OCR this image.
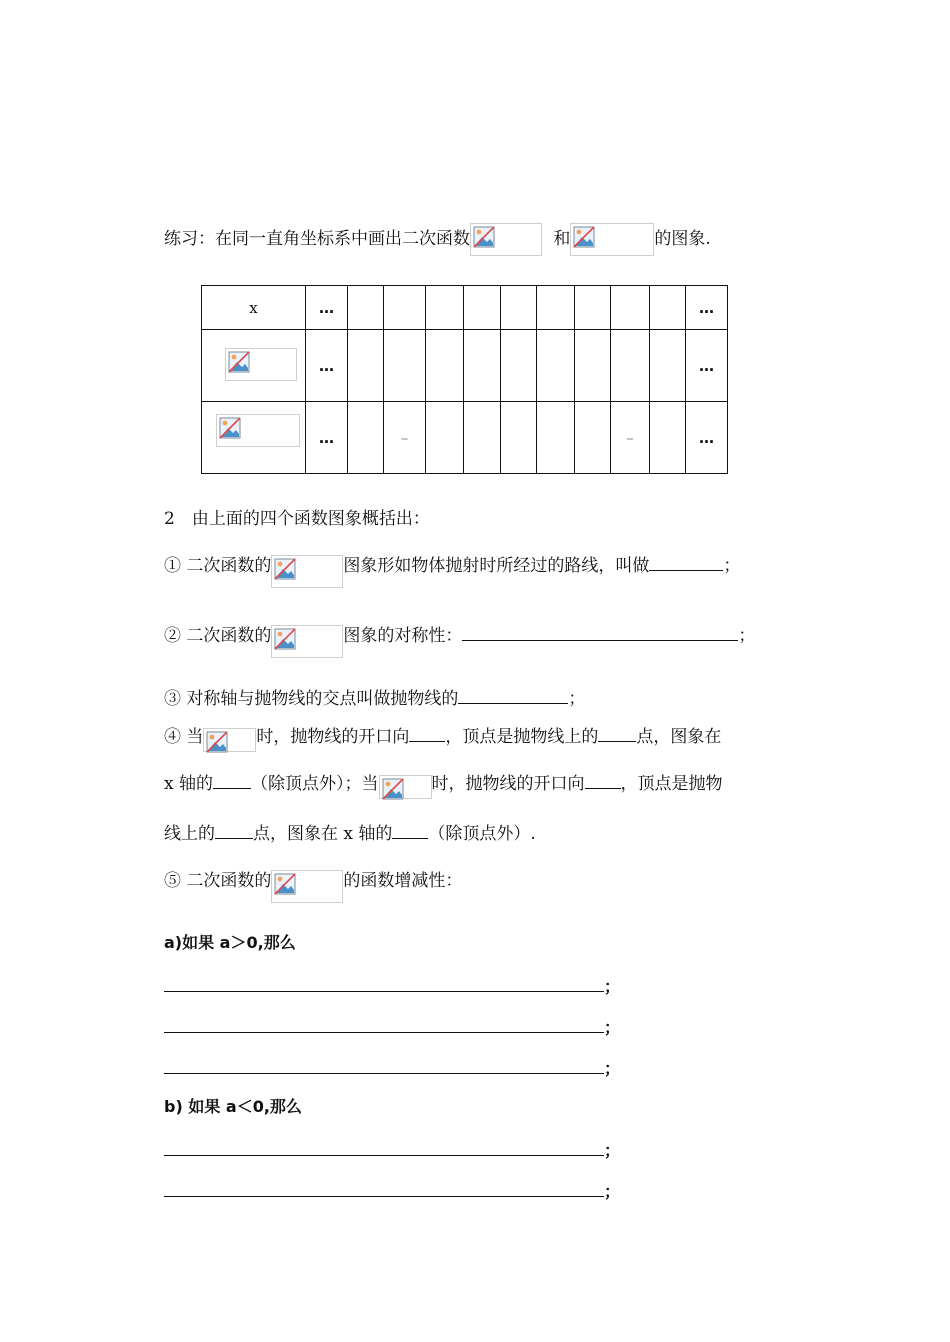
练习：在同一直角坐标系中画出二次函数	和	的图象.
x	…										…

	…										…

	…		–						–		…
2　由上面的四个函数图象概括出：
① 二次函数的	图象形如物体抛射时所经过的路线，叫做	；
② 二次函数的	图象的对称性：	；
③ 对称轴与抛物线的交点叫做抛物线的	；
④ 当	时，抛物线的开口向 ，顶点是抛物线上的 点，图象在
x 轴的 （除顶点外）；当	时，抛物线的开口向 ，顶点是抛物
线上的 点，图象在 x 轴的 （除顶点外）.
⑤ 二次函数的	的函数增减性：
a)如果 a＞0,那么
；
；
；
b) 如果 a＜0,那么
；
；
